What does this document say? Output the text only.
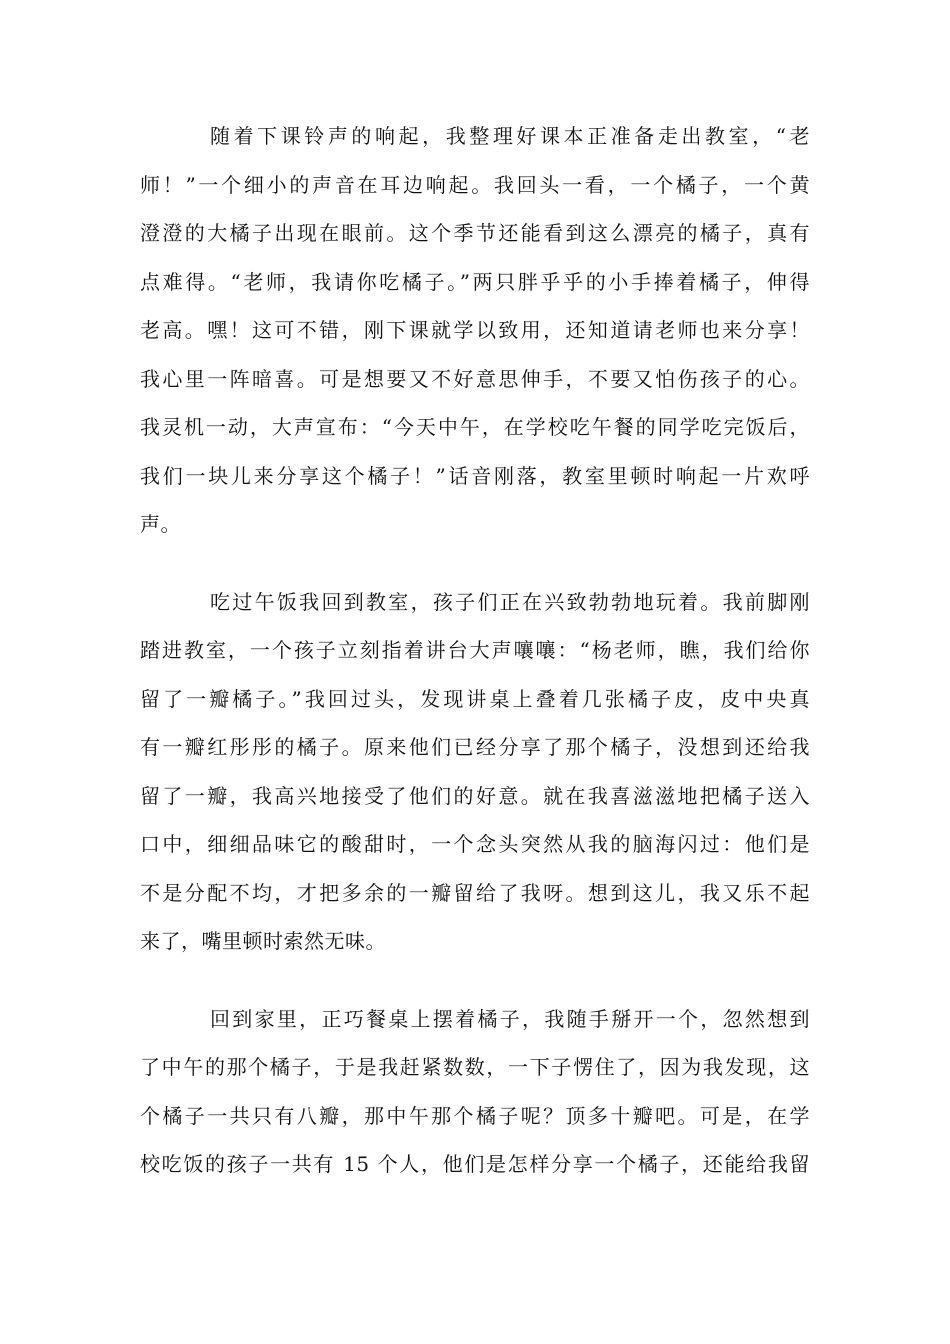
随着下课铃声的响起，我整理好课本正准备走出教室，“老
师！”一个细小的声音在耳边响起。我回头一看，一个橘子，一个黄
澄澄的大橘子出现在眼前。这个季节还能看到这么漂亮的橘子，真有
点难得。“老师，我请你吃橘子。”两只胖乎乎的小手捧着橘子，伸得
老高。嘿！这可不错，刚下课就学以致用，还知道请老师也来分享！
我心里一阵暗喜。可是想要又不好意思伸手，不要又怕伤孩子的心。
我灵机一动，大声宣布：“今天中午，在学校吃午餐的同学吃完饭后，
我们一块儿来分享这个橘子！”话音刚落，教室里顿时响起一片欢呼
声。
吃过午饭我回到教室，孩子们正在兴致勃勃地玩着。我前脚刚
踏进教室，一个孩子立刻指着讲台大声嚷嚷：“杨老师，瞧，我们给你
留了一瓣橘子。”我回过头，发现讲桌上叠着几张橘子皮，皮中央真
有一瓣红彤彤的橘子。原来他们已经分享了那个橘子，没想到还给我
留了一瓣，我高兴地接受了他们的好意。就在我喜滋滋地把橘子送入
口中，细细品味它的酸甜时，一个念头突然从我的脑海闪过：他们是
不是分配不均，才把多余的一瓣留给了我呀。想到这儿，我又乐不起
来了，嘴里顿时索然无味。
回到家里，正巧餐桌上摆着橘子，我随手掰开一个，忽然想到
了中午的那个橘子，于是我赶紧数数，一下子愣住了，因为我发现，这
个橘子一共只有八瓣，那中午那个橘子呢？顶多十瓣吧。可是，在学
校吃饭的孩子一共有 15 个人，他们是怎样分享一个橘子，还能给我留
